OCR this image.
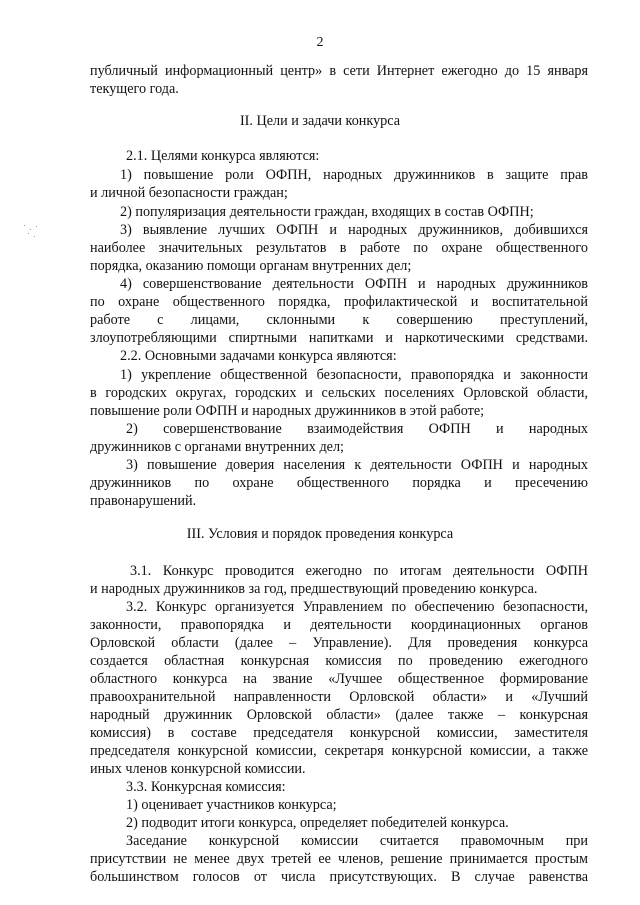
2
публичный информационный центр» в сети Интернет ежегодно до 15 января
текущего года.
II. Цели и задачи конкурса
2.1. Целями конкурса являются:
1) повышение роли ОФПН, народных дружинников в защите прав
и личной безопасности граждан;
2) популяризация деятельности граждан, входящих в состав ОФПН;
3) выявление лучших ОФПН и народных дружинников, добившихся
наиболее значительных результатов в работе по охране общественного
порядка, оказанию помощи органам внутренних дел;
4) совершенствование деятельности ОФПН и народных дружинников
по охране общественного порядка, профилактической и воспитательной
работе с лицами, склонными к совершению преступлений,
злоупотребляющими спиртными напитками и наркотическими средствами.
2.2. Основными задачами конкурса являются:
1) укрепление общественной безопасности, правопорядка и законности
в городских округах, городских и сельских поселениях Орловской области,
повышение роли ОФПН и народных дружинников в этой работе;
2) совершенствование взаимодействия ОФПН и народных
дружинников с органами внутренних дел;
3) повышение доверия населения к деятельности ОФПН и народных
дружинников по охране общественного порядка и пресечению
правонарушений.
III. Условия и порядок проведения конкурса
3.1. Конкурс проводится ежегодно по итогам деятельности ОФПН
и народных дружинников за год, предшествующий проведению конкурса.
3.2. Конкурс организуется Управлением по обеспечению безопасности,
законности, правопорядка и деятельности координационных органов
Орловской области (далее – Управление). Для проведения конкурса
создается областная конкурсная комиссия по проведению ежегодного
областного конкурса на звание «Лучшее общественное формирование
правоохранительной направленности Орловской области» и «Лучший
народный дружинник Орловской области» (далее также – конкурсная
комиссия) в составе председателя конкурсной комиссии, заместителя
председателя конкурсной комиссии, секретаря конкурсной комиссии, а также
иных членов конкурсной комиссии.
3.3. Конкурсная комиссия:
1) оценивает участников конкурса;
2) подводит итоги конкурса, определяет победителей конкурса.
Заседание конкурсной комиссии считается правомочным при
присутствии не менее двух третей ее членов, решение принимается простым
большинством голосов от числа присутствующих. В случае равенства
